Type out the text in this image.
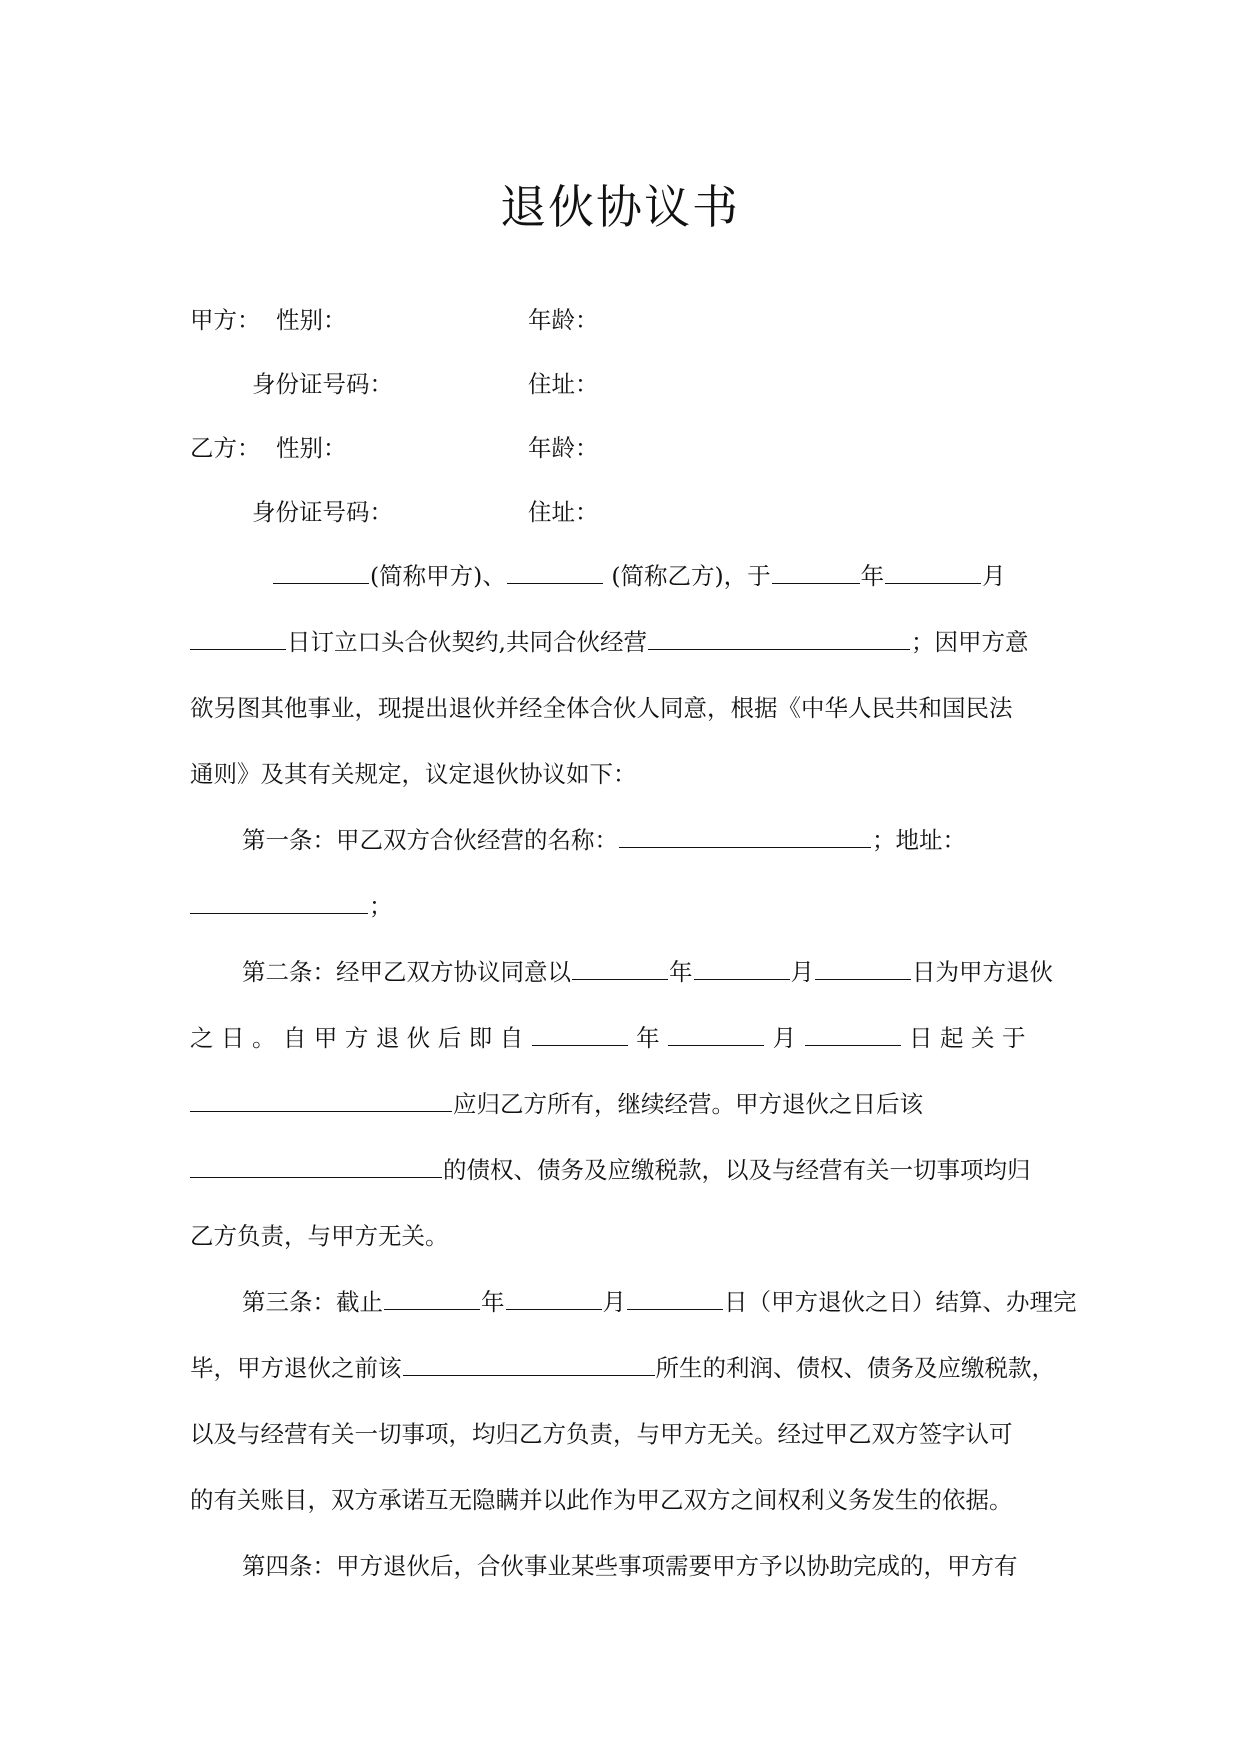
退伙协议书
甲方： 性别：	年龄：
身份证号码：	住址：
乙方： 性别：	年龄：
身份证号码：	住址：
(简称甲方)、	(简称乙方)，于	年	月
日订立口头合伙契约,共同合伙经营	；因甲方意
欲另图其他事业，现提出退伙并经全体合伙人同意，根据《中华人民共和国民法
通则》及其有关规定，议定退伙协议如下：
第一条：甲乙双方合伙经营的名称：	；地址：
；
第二条：经甲乙双方协议同意以	年	月	日为甲方退伙
之 日 。 自 甲 方 退 伙 后 即 自	年	月	日 起 关 于
应归乙方所有，继续经营。甲方退伙之日后该
的债权、债务及应缴税款，以及与经营有关一切事项均归
乙方负责，与甲方无关。
第三条：截止	年	月	日（甲方退伙之日）结算、办理完
毕，甲方退伙之前该	所生的利润、债权、债务及应缴税款，
以及与经营有关一切事项，均归乙方负责，与甲方无关。经过甲乙双方签字认可
的有关账目，双方承诺互无隐瞒并以此作为甲乙双方之间权利义务发生的依据。
第四条：甲方退伙后，合伙事业某些事项需要甲方予以协助完成的，甲方有
